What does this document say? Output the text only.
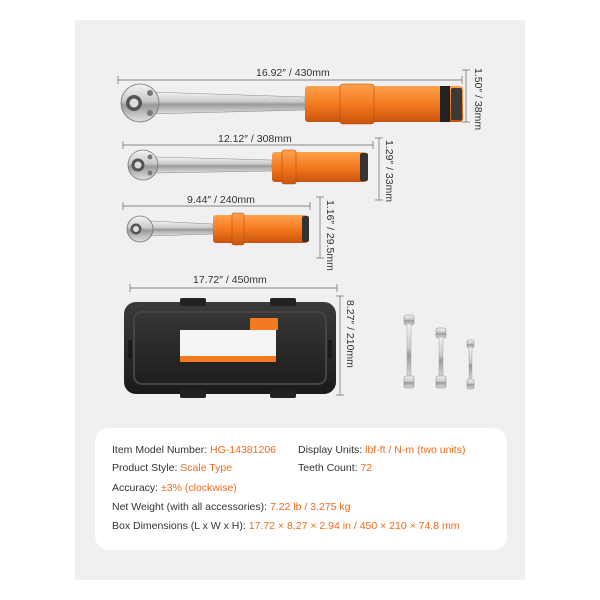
16.92″ / 430mm	1.50″ / 38mm
12.12″ / 308mm
1.29″ / 33mm
9.44″ / 240mm	1.16″ / 29.5mm
17.72″ / 450mm
8.27″ / 210mm
Item Model Number: HG-14381206 Display Units: lbf-ft / N-m (two units)
Product Style: Scale Type	Teeth Count: 72
Accuracy: ±3% (clockwise)
Net Weight (with all accessories): 7.22 lb / 3.275 kg
Box Dimensions (L x W x H): 17.72 × 8.27 × 2.94 in / 450 × 210 × 74.8 mm
